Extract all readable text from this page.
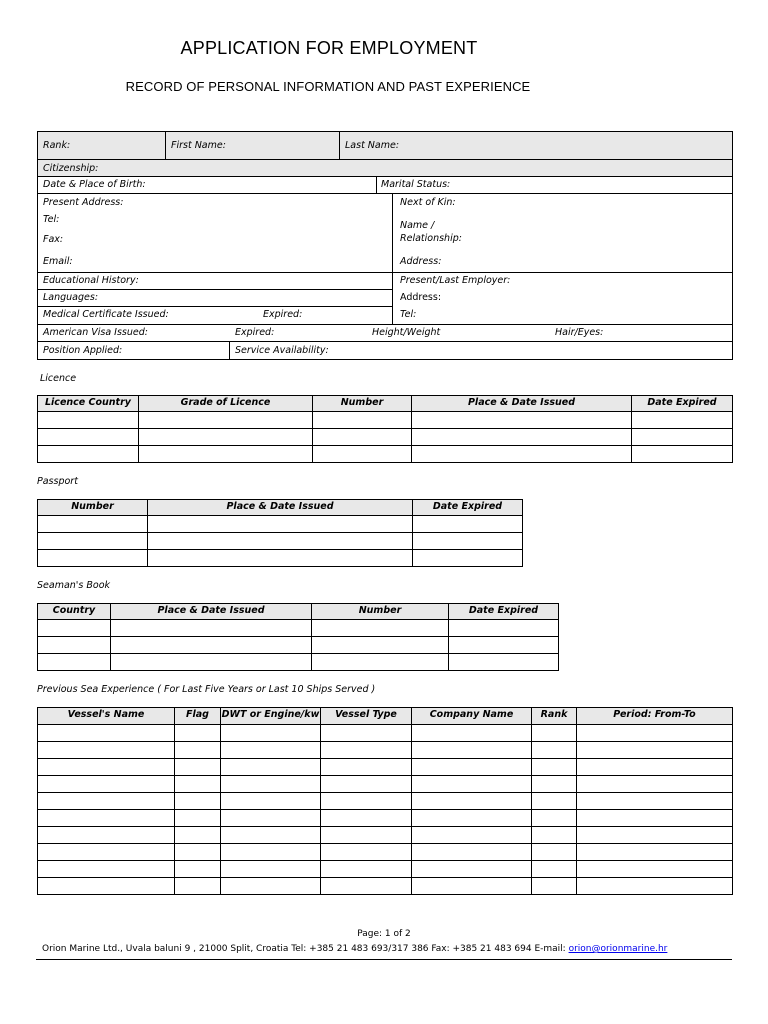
APPLICATION FOR EMPLOYMENT
RECORD OF PERSONAL INFORMATION AND PAST EXPERIENCE
Rank:	First Name:	Last Name:
Citizenship:
Date & Place of Birth:	Marital Status:
Present Address:
Tel:
Fax:
Email:
Next of Kin:
Name /
Relationship:
Address:
Educational History:
Languages:
Medical Certificate Issued:	Expired:
Present/Last Employer:
Address:
Tel:
American Visa Issued:	Expired:	Height/Weight	Hair/Eyes:
Position Applied:	Service Availability:
Licence
Licence Country	Grade of Licence	Number	Place & Date Issued	Date Expired

Passport
Number	Place & Date Issued	Date Expired

Seaman's Book
Country	Place & Date Issued	Number	Date Expired

Previous Sea Experience ( For Last Five Years or Last 10 Ships Served )
Vessel's Name	Flag	DWT or Engine/kw	Vessel Type	Company Name	Rank	Period: From-To

Page: 1 of 2
Orion Marine Ltd., Uvala baluni 9 , 21000 Split, Croatia Tel: +385 21 483 693/317 386 Fax: +385 21 483 694 E-mail: orion@orionmarine.hr
